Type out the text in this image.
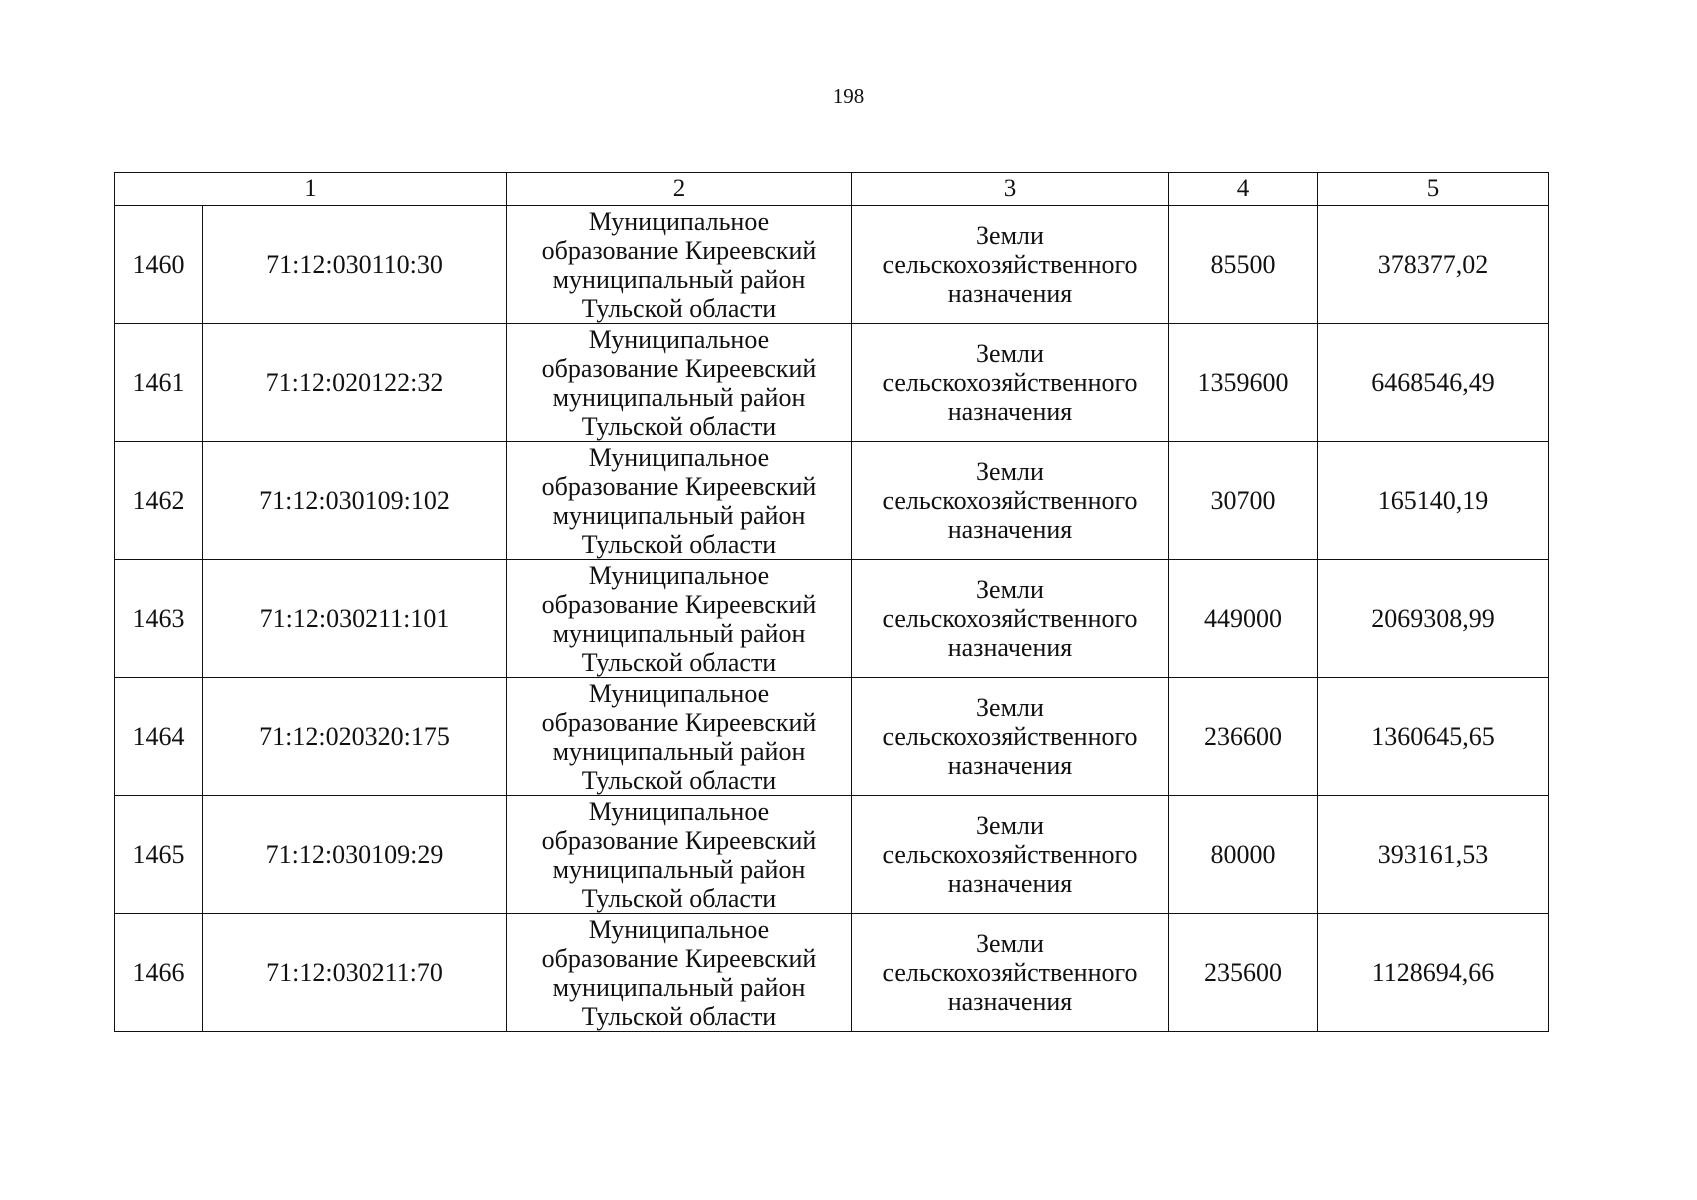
198
1		2	3	4	5
1460	71:12:030110:30	Муниципальное
образование Киреевский
муниципальный район
Тульской области	Земли
сельскохозяйственного
назначения	85500	378377,02
1461	71:12:020122:32	Муниципальное
образование Киреевский
муниципальный район
Тульской области	Земли
сельскохозяйственного
назначения	1359600	6468546,49
1462	71:12:030109:102	Муниципальное
образование Киреевский
муниципальный район
Тульской области	Земли
сельскохозяйственного
назначения	30700	165140,19
1463	71:12:030211:101	Муниципальное
образование Киреевский
муниципальный район
Тульской области	Земли
сельскохозяйственного
назначения	449000	2069308,99
1464	71:12:020320:175	Муниципальное
образование Киреевский
муниципальный район
Тульской области	Земли
сельскохозяйственного
назначения	236600	1360645,65
1465	71:12:030109:29	Муниципальное
образование Киреевский
муниципальный район
Тульской области	Земли
сельскохозяйственного
назначения	80000	393161,53
1466	71:12:030211:70	Муниципальное
образование Киреевский
муниципальный район
Тульской области	Земли
сельскохозяйственного
назначения	235600	1128694,66
